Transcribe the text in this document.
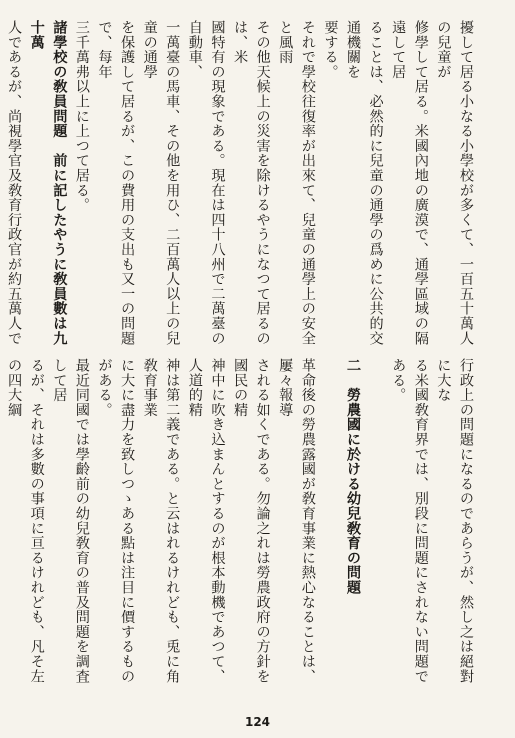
擾して居る小なる小學校が多くて、一百五十萬人の兒童が
修學して居る。米國內地の廣漠で、通學區域の隔遠して居
ることは、必然的に兒童の通學の爲めに公共的交通機關を
要する。
それで學校往復率が出來て、兒童の通學上の安全と風雨
その他天候上の災害を除けるやうになつて居るのは、米
國特有の現象である。現在は四十八州で二萬臺の自動車、
一萬臺の馬車、その他を用ひ、二百萬人以上の兒童の通學
を保護して居るが、この費用の支出も又一の問題で、每年
三千萬弗以上に上つて居る。
諸學校の敎員問題　前に記したやうに敎員數は九十萬
人であるが、尚視學官及敎育行政官が約五萬人で
行政上の問題になるのであらうが、然し之は絕對に大な
る米國敎育界では、別段に問題にされない問題である。

二　勞農國に於ける幼兒敎育の問題

革命後の勞農露國が敎育事業に熱心なることは、屢々報導
される如くである。勿論之れは勞農政府の方針を國民の精
神中に吹き込まんとするのが根本動機であつて、人道的精
神は第二義である。と云はれるけれども、兎に角敎育事業
に大に盡力を致しつゝある點は注目に價するものがある。
最近同國では學齡前の幼兒敎育の普及問題を調査して居
るが、それは多數の事項に亘るけれども、凡そ左の四大綱
124
